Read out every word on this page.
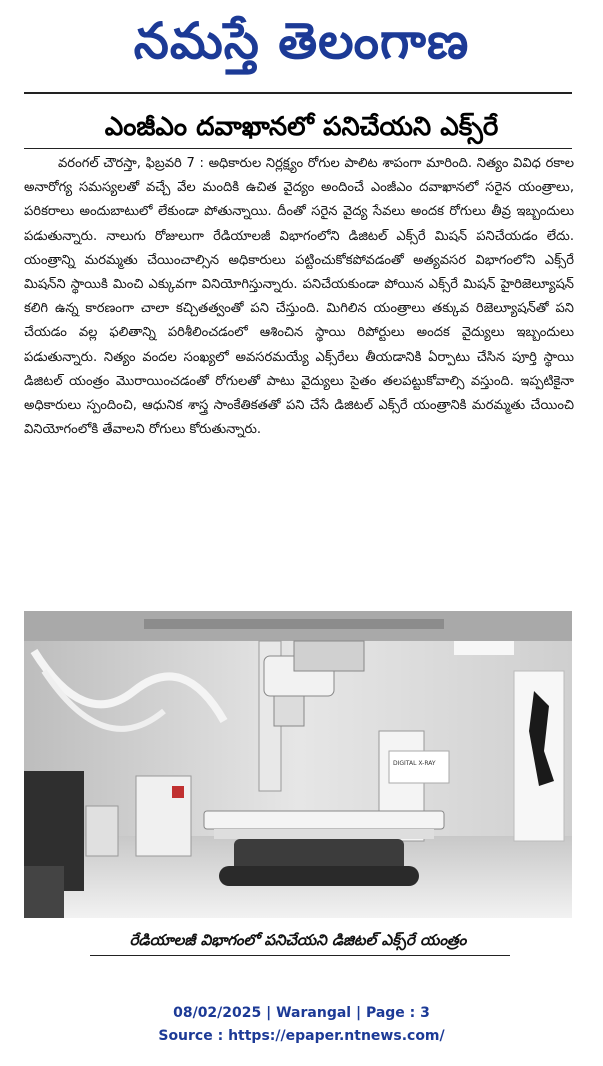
నమస్తే తెలంగాణ
ఎంజీఎం దవాఖానలో పనిచేయని ఎక్స్‌రే

వరంగల్ చౌరస్తా, ఫిబ్రవరి 7 : అధికారుల నిర్లక్ష్యం రోగుల పాలిట శాపంగా మారింది. నిత్యం వివిధ రకాల అనారోగ్య సమస్యలతో వచ్చే వేల మందికి ఉచిత వైద్యం అందించే ఎంజీఎం దవాఖానలో సరైన యంత్రాలు, పరికరాలు అందుబాటులో లేకుండా పోతున్నాయి. దీంతో సరైన వైద్య సేవలు అందక రోగులు తీవ్ర ఇబ్బందులు పడుతున్నారు. నాలుగు రోజులుగా రేడియాలజీ విభాగంలోని డిజిటల్ ఎక్స్‌రే మిషన్ పనిచేయడం లేదు. యంత్రాన్ని మరమ్మతు చేయించాల్సిన అధికారులు పట్టించుకోకపోవడంతో అత్యవసర విభాగంలోని ఎక్స్‌రే మిషన్‌ని స్థాయికి మించి ఎక్కువగా వినియోగిస్తున్నారు. పనిచేయకుండా పోయిన ఎక్స్‌రే మిషన్ హైరిజెల్యూషన్ కలిగి ఉన్న కారణంగా చాలా కచ్చితత్వంతో పని చేస్తుంది. మిగిలిన యంత్రాలు తక్కువ రిజెల్యూషన్‌తో పని చేయడం వల్ల ఫలితాన్ని పరిశీలించడంలో ఆశించిన స్థాయి రిపోర్టులు అందక వైద్యులు ఇబ్బందులు పడుతున్నారు. నిత్యం వందల సంఖ్యలో అవసరమయ్యే ఎక్స్‌రేలు తీయడానికి ఏర్పాటు చేసిన పూర్తి స్థాయి డిజిటల్ యంత్రం మొరాయించడంతో రోగులతో పాటు వైద్యులు సైతం తలపట్టుకోవాల్సి వస్తుంది. ఇప్పటికైనా అధికారులు స్పందించి, ఆధునిక శాస్త్ర సాంకేతికతతో పని చేసే డిజిటల్ ఎక్స్‌రే యంత్రానికి మరమ్మతు చేయించి వినియోగంలోకి తేవాలని రోగులు కోరుతున్నారు.

DIGITAL X-RAY
రేడియాలజీ విభాగంలో పనిచేయని డిజిటల్ ఎక్స్‌రే యంత్రం
08/02/2025 | Warangal | Page : 3
Source : https://epaper.ntnews.com/
